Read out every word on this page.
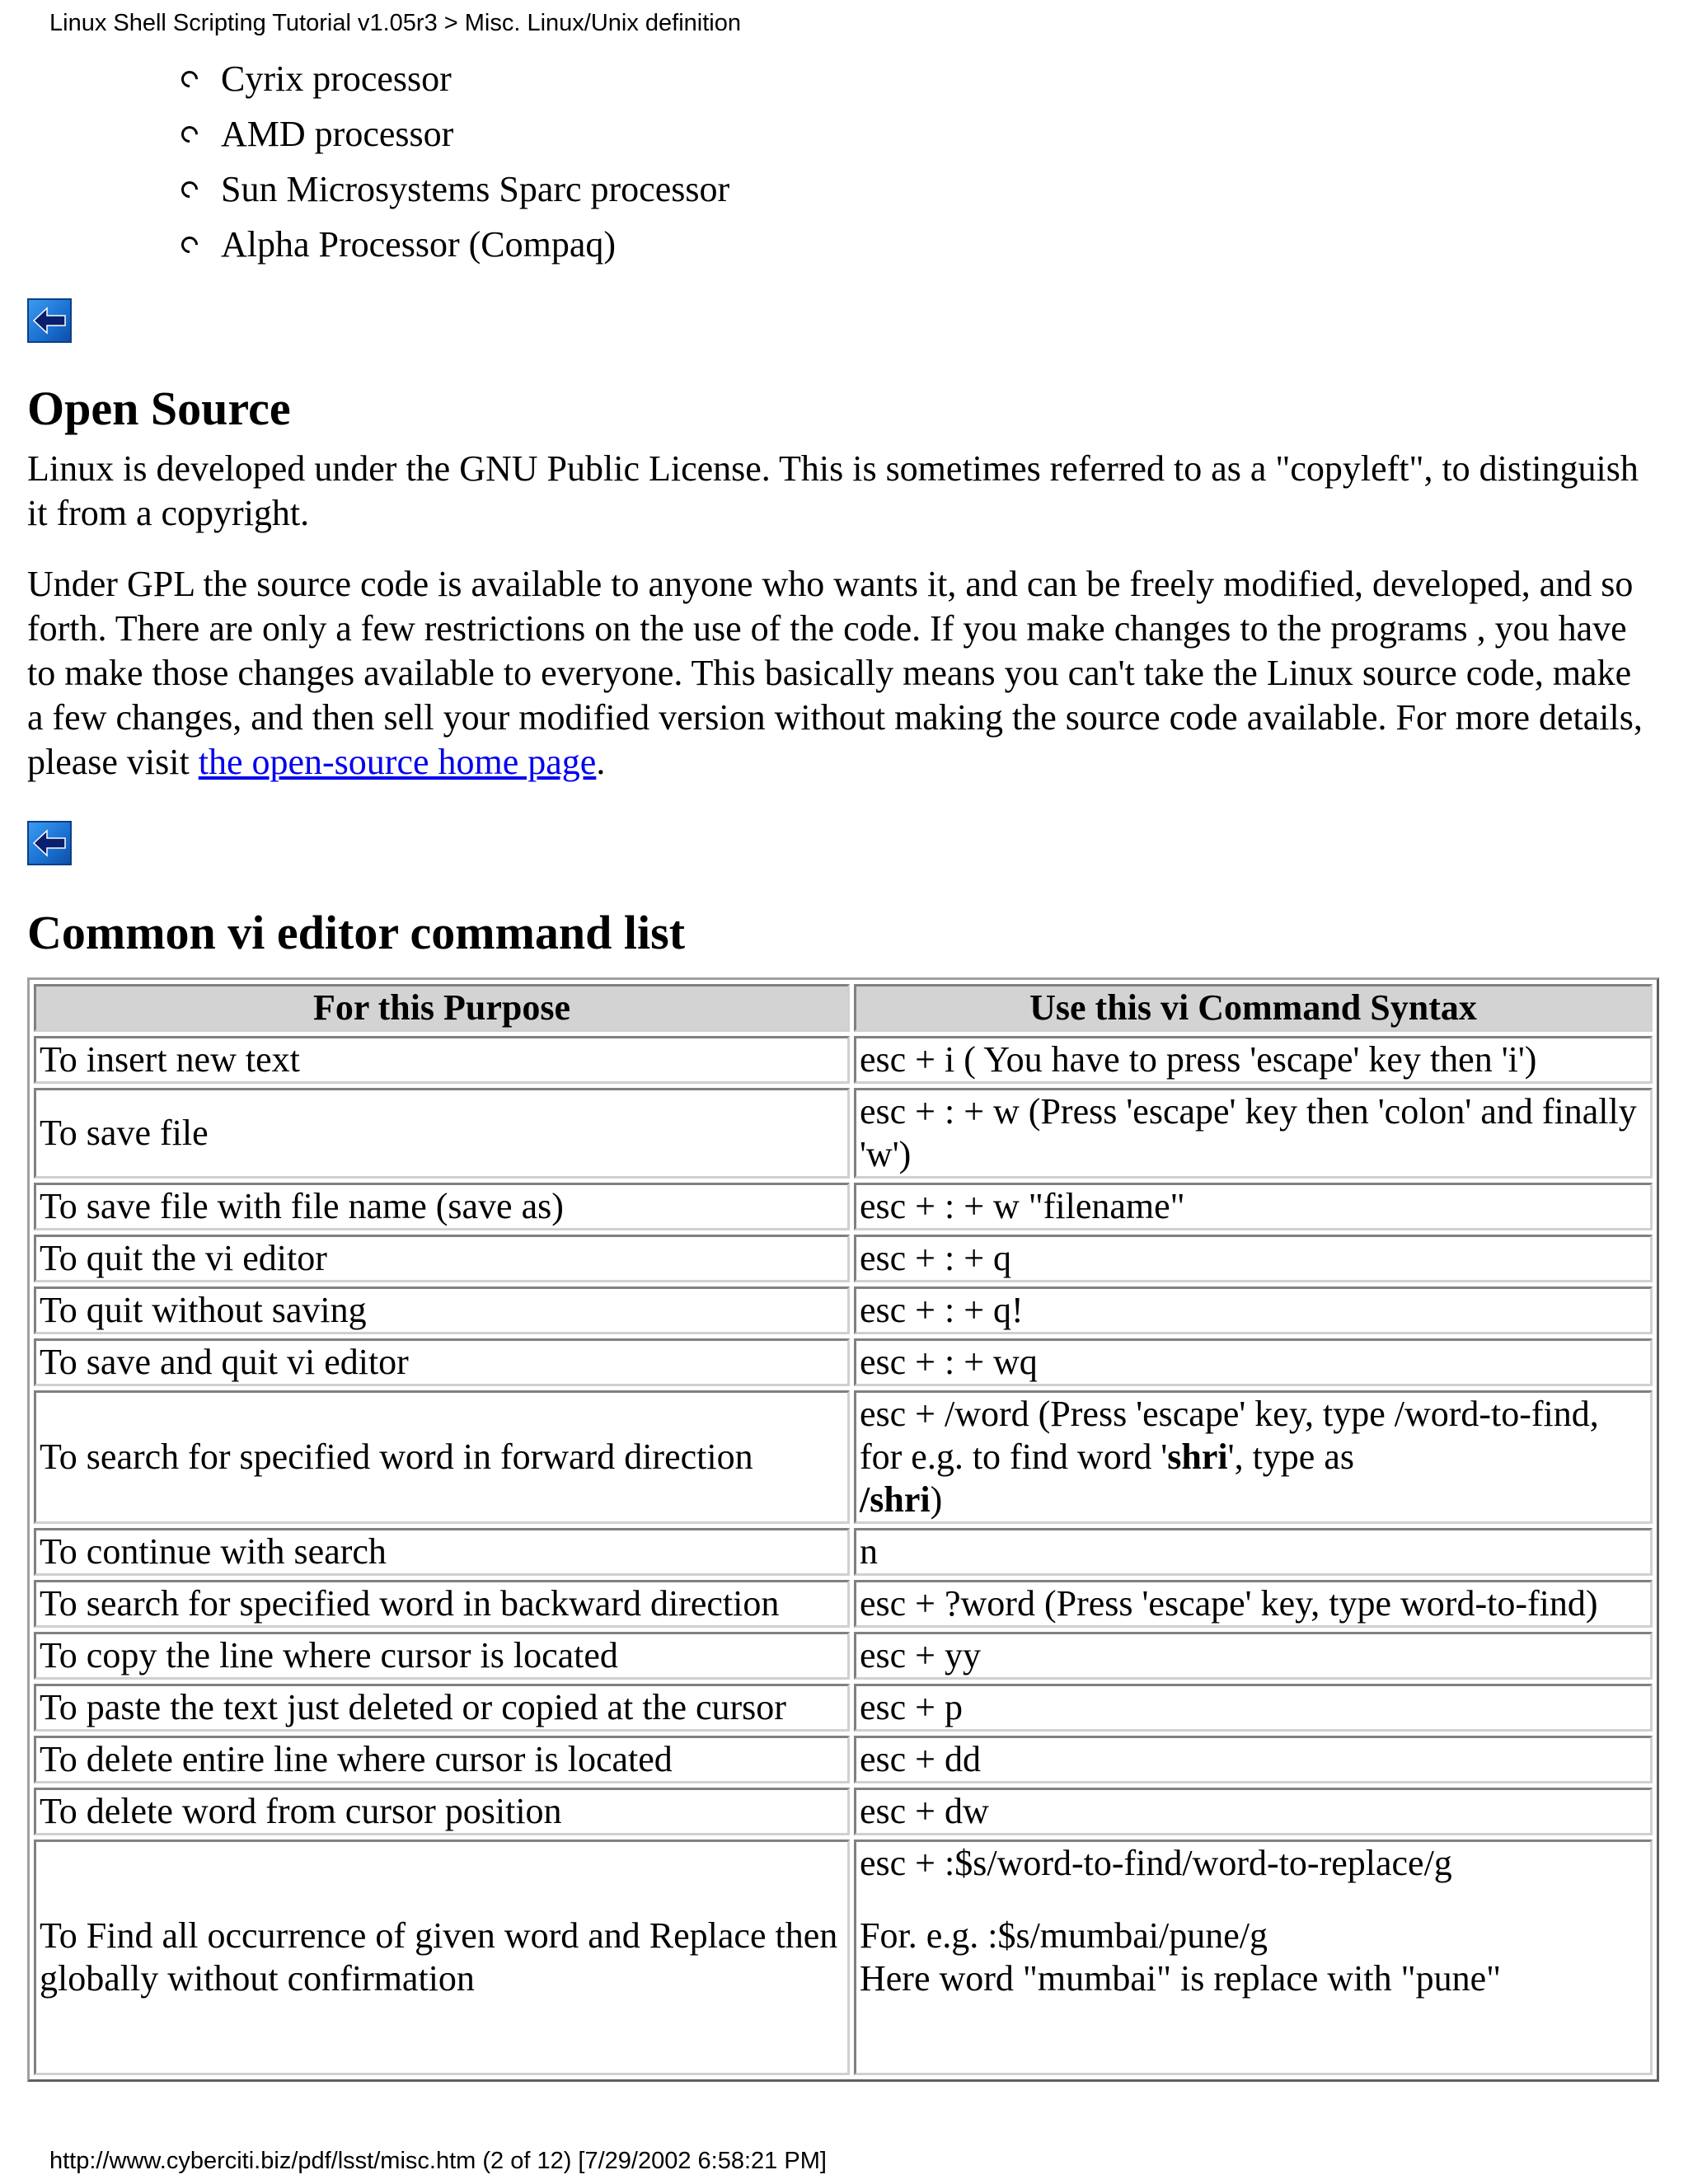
Linux Shell Scripting Tutorial v1.05r3 > Misc. Linux/Unix definition
Cyrix processor
AMD processor
Sun Microsystems Sparc processor
Alpha Processor (Compaq)
Open Source

Linux is developed under the GNU Public License. This is sometimes referred to as a "copyleft", to distinguish it from a copyright.

Under GPL the source code is available to anyone who wants it, and can be freely modified, developed, and so forth. There are only a few restrictions on the use of the code. If you make changes to the programs , you have to make those changes available to everyone. This basically means you can't take the Linux source code, make a few changes, and then sell your modified version without making the source code available. For more details, please visit the open-source home page.

Common vi editor command list
For this Purpose	Use this vi Command Syntax
To insert new text	esc + i ( You have to press 'escape' key then 'i')
To save file	esc + : + w (Press 'escape' key then 'colon' and finally 'w')
To save file with file name (save as)	esc + : + w "filename"
To quit the vi editor	esc + : + q
To quit without saving	esc + : + q!
To save and quit vi editor	esc + : + wq
To search for specified word in forward direction	esc + /word (Press 'escape' key, type /word-to-find, for e.g. to find word 'shri', type as
/shri)
To continue with search	n
To search for specified word in backward direction	esc + ?word (Press 'escape' key, type word-to-find)
To copy the line where cursor is located	esc + yy
To paste the text just deleted or copied at the cursor	esc + p
To delete entire line where cursor is located	esc + dd
To delete word from cursor position	esc + dw
To Find all occurrence of given word and Replace then globally without confirmation	esc + :$s/word-to-find/word-to-replace/g
For. e.g. :$s/mumbai/pune/g
Here word "mumbai" is replace with "pune"
http://www.cyberciti.biz/pdf/lsst/misc.htm (2 of 12) [7/29/2002 6:58:21 PM]
